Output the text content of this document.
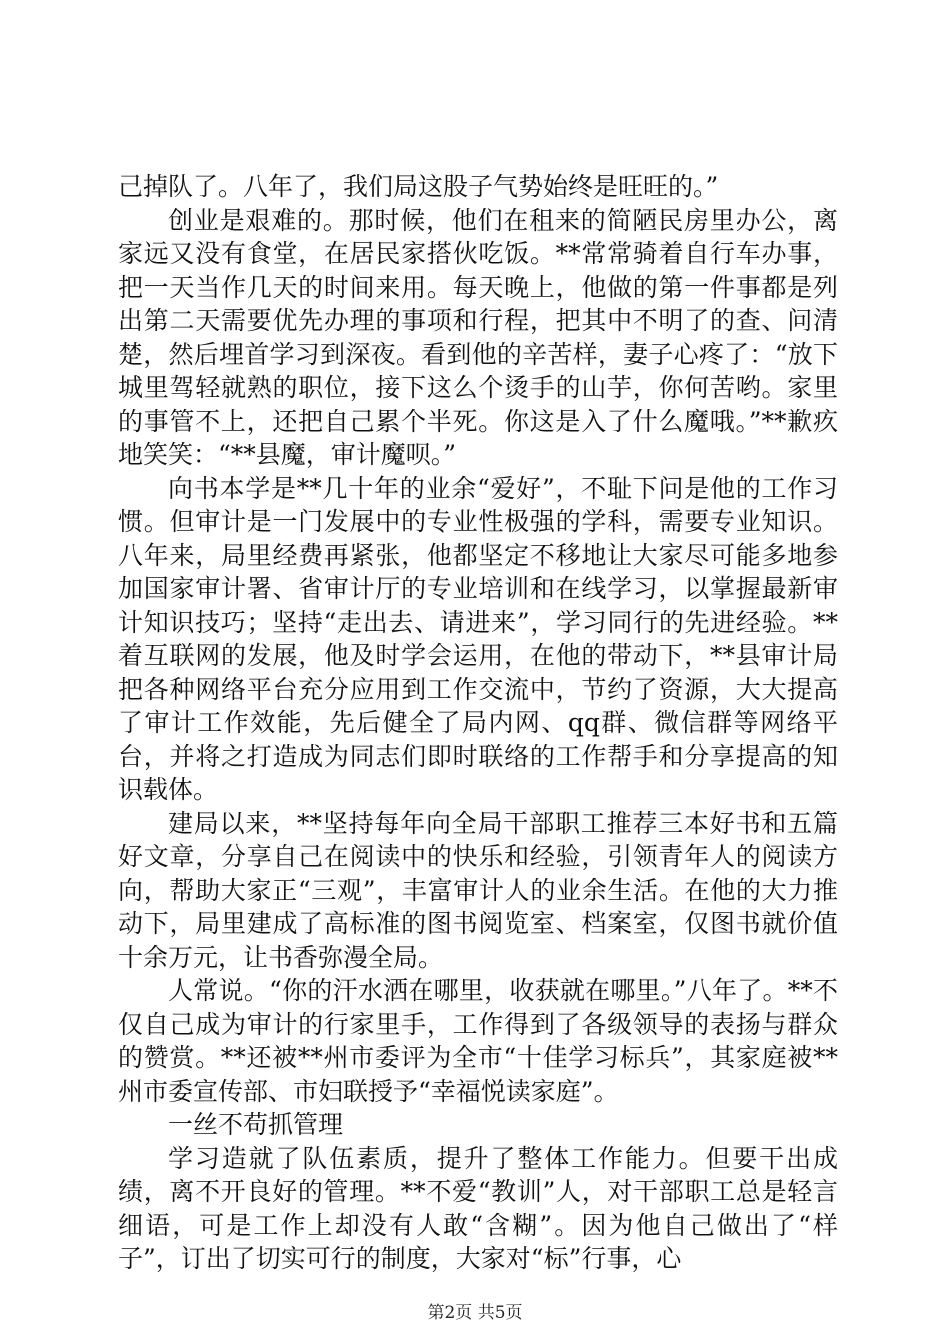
己掉队了。八年了，我们局这股子气势始终是旺旺的。”

创业是艰难的。那时候，他们在租来的简陋民房里办公，离家远又没有食堂，在居民家搭伙吃饭。**常常骑着自行车办事，把一天当作几天的时间来用。每天晚上，他做的第一件事都是列出第二天需要优先办理的事项和行程，把其中不明了的查、问清楚，然后埋首学习到深夜。看到他的辛苦样，妻子心疼了：“放下城里驾轻就熟的职位，接下这么个烫手的山芋，你何苦哟。家里的事管不上，还把自己累个半死。你这是入了什么魔哦。”**歉疚地笑笑：“**县魔，审计魔呗。”

向书本学是**几十年的业余“爱好”，不耻下问是他的工作习惯。但审计是一门发展中的专业性极强的学科，需要专业知识。八年来，局里经费再紧张，他都坚定不移地让大家尽可能多地参加国家审计署、省审计厅的专业培训和在线学习，以掌握最新审计知识技巧；坚持“走出去、请进来”，学习同行的先进经验。**着互联网的发展，他及时学会运用，在他的带动下，**县审计局把各种网络平台充分应用到工作交流中，节约了资源，大大提高了审计工作效能，先后健全了局内网、qq群、微信群等网络平台，并将之打造成为同志们即时联络的工作帮手和分享提高的知识载体。

建局以来，**坚持每年向全局干部职工推荐三本好书和五篇好文章，分享自己在阅读中的快乐和经验，引领青年人的阅读方向，帮助大家正“三观”，丰富审计人的业余生活。在他的大力推动下，局里建成了高标准的图书阅览室、档案室，仅图书就价值十余万元，让书香弥漫全局。

人常说。“你的汗水洒在哪里，收获就在哪里。”八年了。**不仅自己成为审计的行家里手，工作得到了各级领导的表扬与群众的赞赏。**还被**州市委评为全市“十佳学习标兵”，其家庭被**州市委宣传部、市妇联授予“幸福悦读家庭”。

一丝不苟抓管理

学习造就了队伍素质，提升了整体工作能力。但要干出成绩，离不开良好的管理。**不爱“教训”人，对干部职工总是轻言细语，可是工作上却没有人敢“含糊”。因为他自己做出了“样子”，订出了切实可行的制度，大家对“标”行事，心

第2页 共5页
